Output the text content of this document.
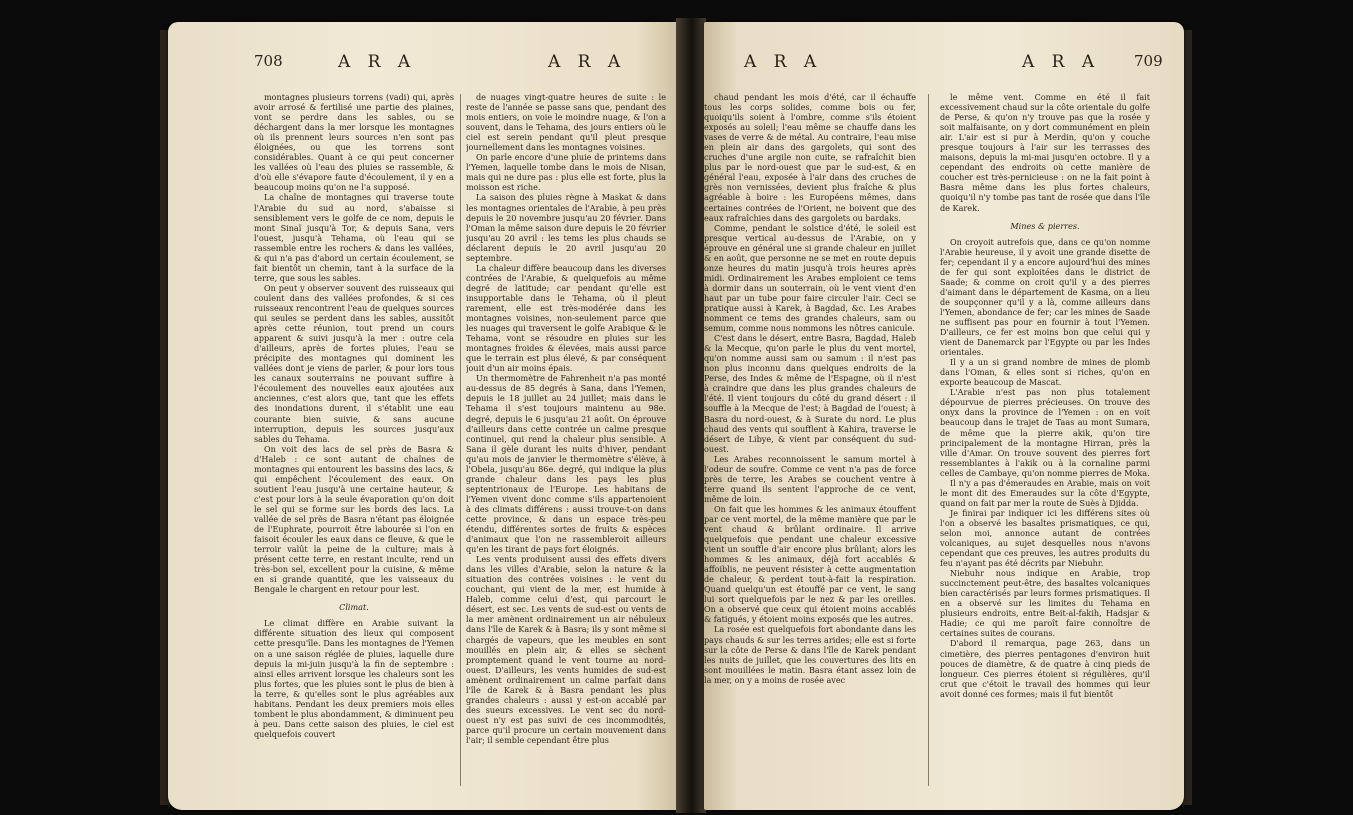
708	A R A	A R A

montagnes plusieurs torrens (vadi) qui, après avoir arrosé & fertilisé une partie des plaines, vont se perdre dans les sables, ou se déchargent dans la mer lorsque les montagnes où ils prennent leurs sources n'en sont pas éloignées, ou que les torrens sont considérables. Quant à ce qui peut concerner les vallées où l'eau des pluies se rassemble, & d'où elle s'évapore faute d'écoulement, il y en a beaucoup moins qu'on ne l'a supposé.

La chaîne de montagnes qui traverse toute l'Arabie du sud au nord, s'abaisse si sensiblement vers le golfe de ce nom, depuis le mont Sinaï jusqu'à Tor, & depuis Sana, vers l'ouest, jusqu'à Tehama, où l'eau qui se rassemble entre les rochers & dans les vallées, & qui n'a pas d'abord un certain écoulement, se fait bientôt un chemin, tant à la surface de la terre, que sous les sables.

On peut y observer souvent des ruisseaux qui coulent dans des vallées profondes, & si ces ruisseaux rencontrent l'eau de quelques sources qui seules se perdent dans les sables, aussitôt après cette réunion, tout prend un cours apparent & suivi jusqu'à la mer : outre cela d'ailleurs, après de fortes pluies, l'eau se précipite des montagnes qui dominent les vallées dont je viens de parler, & pour lors tous les canaux souterrains ne pouvant suffire à l'écoulement des nouvelles eaux ajoutées aux anciennes, c'est alors que, tant que les effets des inondations durent, il s'établit une eau courante bien suivie, & sans aucune interruption, depuis les sources jusqu'aux sables du Tehama.

On voit des lacs de sel près de Basra & d'Haleb : ce sont autant de chaînes de montagnes qui entourent les bassins des lacs, & qui empêchent l'écoulement des eaux. On soutient l'eau jusqu'à une certaine hauteur, & c'est pour lors à la seule évaporation qu'on doit le sel qui se forme sur les bords des lacs. La vallée de sel près de Basra n'étant pas éloignée de l'Euphrate, pourroit être labourée si l'on en faisoit écouler les eaux dans ce fleuve, & que le terroir valût la peine de la culture; mais à présent cette terre, en restant inculte, rend un très-bon sel, excellent pour la cuisine, & même en si grande quantité, que les vaisseaux du Bengale le chargent en retour pour lest.

Climat.

Le climat diffère en Arabie suivant la différente situation des lieux qui composent cette presqu'île. Dans les montagnes de l'Yemen on a une saison réglée de pluies, laquelle dure depuis la mi-juin jusqu'à la fin de septembre : ainsi elles arrivent lorsque les chaleurs sont les plus fortes, que les pluies sont le plus de bien à la terre, & qu'elles sont le plus agréables aux habitans. Pendant les deux premiers mois elles tombent le plus abondamment, & diminuent peu à peu. Dans cette saison des pluies, le ciel est quelquefois couvert

de nuages vingt-quatre heures de suite : le reste de l'année se passe sans que, pendant des mois entiers, on voie le moindre nuage, & l'on a souvent, dans le Tehama, des jours entiers où le ciel est serein pendant qu'il pleut presque journellement dans les montagnes voisines.

On parle encore d'une pluie de printems dans l'Yemen, laquelle tombe dans le mois de Nisan, mais qui ne dure pas : plus elle est forte, plus la moisson est riche.

La saison des pluies règne à Maskat & dans les montagnes orientales de l'Arabie, à peu près depuis le 20 novembre jusqu'au 20 février. Dans l'Oman la même saison dure depuis le 20 février jusqu'au 20 avril : les tems les plus chauds se déclarent depuis le 20 avril jusqu'au 20 septembre.

La chaleur diffère beaucoup dans les diverses contrées de l'Arabie, & quelquefois au même degré de latitude; car pendant qu'elle est insupportable dans le Tehama, où il pleut rarement, elle est très-modérée dans les montagnes voisines, non-seulement parce que les nuages qui traversent le golfe Arabique & le Tehama, vont se résoudre en pluies sur les montagnes froides & élevées, mais aussi parce que le terrain est plus élevé, & par conséquent jouit d'un air moins épais.

Un thermomètre de Fahrenheit n'a pas monté au-dessus de 85 degrés à Sana, dans l'Yemen, depuis le 18 juillet au 24 juillet; mais dans le Tehama il s'est toujours maintenu au 98e. degré, depuis le 6 jusqu'au 21 août. On éprouve d'ailleurs dans cette contrée un calme presque continuel, qui rend la chaleur plus sensible. A Sana il gèle durant les nuits d'hiver, pendant qu'au mois de janvier le thermomètre s'élève, à l'Obela, jusqu'au 86e. degré, qui indique la plus grande chaleur dans les pays les plus septentrionaux de l'Europe. Les habitans de l'Yemen vivent donc comme s'ils appartenoient à des climats différens : aussi trouve-t-on dans cette province, & dans un espace très-peu étendu, différentes sortes de fruits & espèces d'animaux que l'on ne rassembleroit ailleurs qu'en les tirant de pays fort éloignés.

Les vents produisent aussi des effets divers dans les villes d'Arabie, selon la nature & la situation des contrées voisines : le vent du couchant, qui vient de la mer, est humide à Haleb, comme celui d'est, qui parcourt le désert, est sec. Les vents de sud-est ou vents de la mer amènent ordinairement un air nébuleux dans l'île de Karek & à Basra; ils y sont même si chargés de vapeurs, que les meubles en sont mouillés en plein air, & elles se sèchent promptement quand le vent tourne au nord-ouest. D'ailleurs, les vents humides de sud-est amènent ordinairement un calme parfait dans l'île de Karek & à Basra pendant les plus grandes chaleurs : aussi y est-on accablé par des sueurs excessives. Le vent sec du nord-ouest n'y est pas suivi de ces incommodités, parce qu'il procure un certain mouvement dans l'air; il semble cependant être plus

A R A	A R A 709

chaud pendant les mois d'été, car il échauffe tous les corps solides, comme bois ou fer, quoiqu'ils soient à l'ombre, comme s'ils étoient exposés au soleil; l'eau même se chauffe dans les vases de verre & de métal. Au contraire, l'eau mise en plein air dans des gargolets, qui sont des cruches d'une argile non cuite, se rafraîchit bien plus par le nord-ouest que par le sud-est, & en général l'eau, exposée à l'air dans des cruches de grès non vernissées, devient plus fraîche & plus agréable à boire : les Européens mêmes, dans certaines contrées de l'Orient, ne boivent que des eaux rafraîchies dans des gargolets ou bardaks.

Comme, pendant le solstice d'été, le soleil est presque vertical au-dessus de l'Arabie, on y éprouve en général une si grande chaleur en juillet & en août, que personne ne se met en route depuis onze heures du matin jusqu'à trois heures après midi. Ordinairement les Arabes emploient ce tems à dormir dans un souterrain, où le vent vient d'en haut par un tube pour faire circuler l'air. Ceci se pratique aussi à Karek, à Bagdad, &c. Les Arabes nomment ce tems des grandes chaleurs, sam ou semum, comme nous nommons les nôtres canicule.

C'est dans le désert, entre Basra, Bagdad, Haleb & la Mecque, qu'on parle le plus du vent mortel, qu'on nomme aussi sam ou samum : il n'est pas non plus inconnu dans quelques endroits de la Perse, des Indes & même de l'Espagne, où il n'est à craindre que dans les plus grandes chaleurs de l'été. Il vient toujours du côté du grand désert : il souffle à la Mecque de l'est; à Bagdad de l'ouest; à Basra du nord-ouest, & à Surate du nord. Le plus chaud des vents qui soufflent à Kahira, traverse le désert de Libye, & vient par conséquent du sud-ouest.

Les Arabes reconnoissent le samum mortel à l'odeur de soufre. Comme ce vent n'a pas de force près de terre, les Arabes se couchent ventre à terre quand ils sentent l'approche de ce vent, même de loin.

On fait que les hommes & les animaux étouffent par ce vent mortel, de la même manière que par le vent chaud & brûlant ordinaire. Il arrive quelquefois que pendant une chaleur excessive vient un souffle d'air encore plus brûlant; alors les hommes & les animaux, déjà fort accablés & affoiblis, ne peuvent résister à cette augmentation de chaleur, & perdent tout-à-fait la respiration. Quand quelqu'un est étouffé par ce vent, le sang lui sort quelquefois par le nez & par les oreilles. On a observé que ceux qui étoient moins accablés & fatigués, y étoient moins exposés que les autres.

La rosée est quelquefois fort abondante dans les pays chauds & sur les terres arides; elle est si forte sur la côte de Perse & dans l'île de Karek pendant les nuits de juillet, que les couvertures des lits en sont mouillées le matin. Basra étant assez loin de la mer, on y a moins de rosée avec

le même vent. Comme en été il fait excessivement chaud sur la côte orientale du golfe de Perse, & qu'on n'y trouve pas que la rosée y soit malfaisante, on y dort communément en plein air. L'air est si pur à Merdin, qu'on y couche presque toujours à l'air sur les terrasses des maisons, depuis la mi-mai jusqu'en octobre. Il y a cependant des endroits où cette manière de coucher est très-pernicieuse : on ne la fait point à Basra même dans les plus fortes chaleurs, quoiqu'il n'y tombe pas tant de rosée que dans l'île de Karek.

Mines & pierres.

On croyoit autrefois que, dans ce qu'on nomme l'Arabie heureuse, il y avoit une grande disette de fer; cependant il y a encore aujourd'hui des mines de fer qui sont exploitées dans le district de Saade; & comme on croit qu'il y a des pierres d'aimant dans le département de Kasma, on a lieu de soupçonner qu'il y a là, comme ailleurs dans l'Yemen, abondance de fer; car les mines de Saade ne suffisent pas pour en fournir à tout l'Yemen. D'ailleurs, ce fer est moins bon que celui qui y vient de Danemarck par l'Egypte ou par les Indes orientales.

Il y a un si grand nombre de mines de plomb dans l'Oman, & elles sont si riches, qu'on en exporte beaucoup de Mascat.

L'Arabie n'est pas non plus totalement dépourvue de pierres précieuses. On trouve des onyx dans la province de l'Yemen : on en voit beaucoup dans le trajet de Taas au mont Sumara, de même que la pierre akik, qu'on tire principalement de la montagne Hirran, près la ville d'Amar. On trouve souvent des pierres fort ressemblantes à l'akik ou à la cornaline parmi celles de Cambaye, qu'on nomme pierres de Moka.

Il n'y a pas d'émeraudes en Arabie, mais on voit le mont dit des Emeraudes sur la côte d'Egypte, quand on fait par mer la route de Suès à Djidda.

Je finirai par indiquer ici les différens sites où l'on a observé les basaltes prismatiques, ce qui, selon moi, annonce autant de contrées volcaniques, au sujet desquelles nous n'avons cependant que ces preuves, les autres produits du feu n'ayant pas été décrits par Niebuhr.

Niebuhr nous indique en Arabie, trop succinctement peut-être, des basaltes volcaniques bien caractérisés par leurs formes prismatiques. Il en a observé sur les limites du Tehama en plusieurs endroits, entre Beit-al-fakih, Hadsjar & Hadie; ce qui me paroît faire connoître de certaines suites de courans.

D'abord il remarqua, page 263, dans un cimetière, des pierres pentagones d'environ huit pouces de diamètre, & de quatre à cinq pieds de longueur. Ces pierres étoient si régulières, qu'il crut que c'étoit le travail des hommes qui leur avoit donné ces formes; mais il fut bientôt
